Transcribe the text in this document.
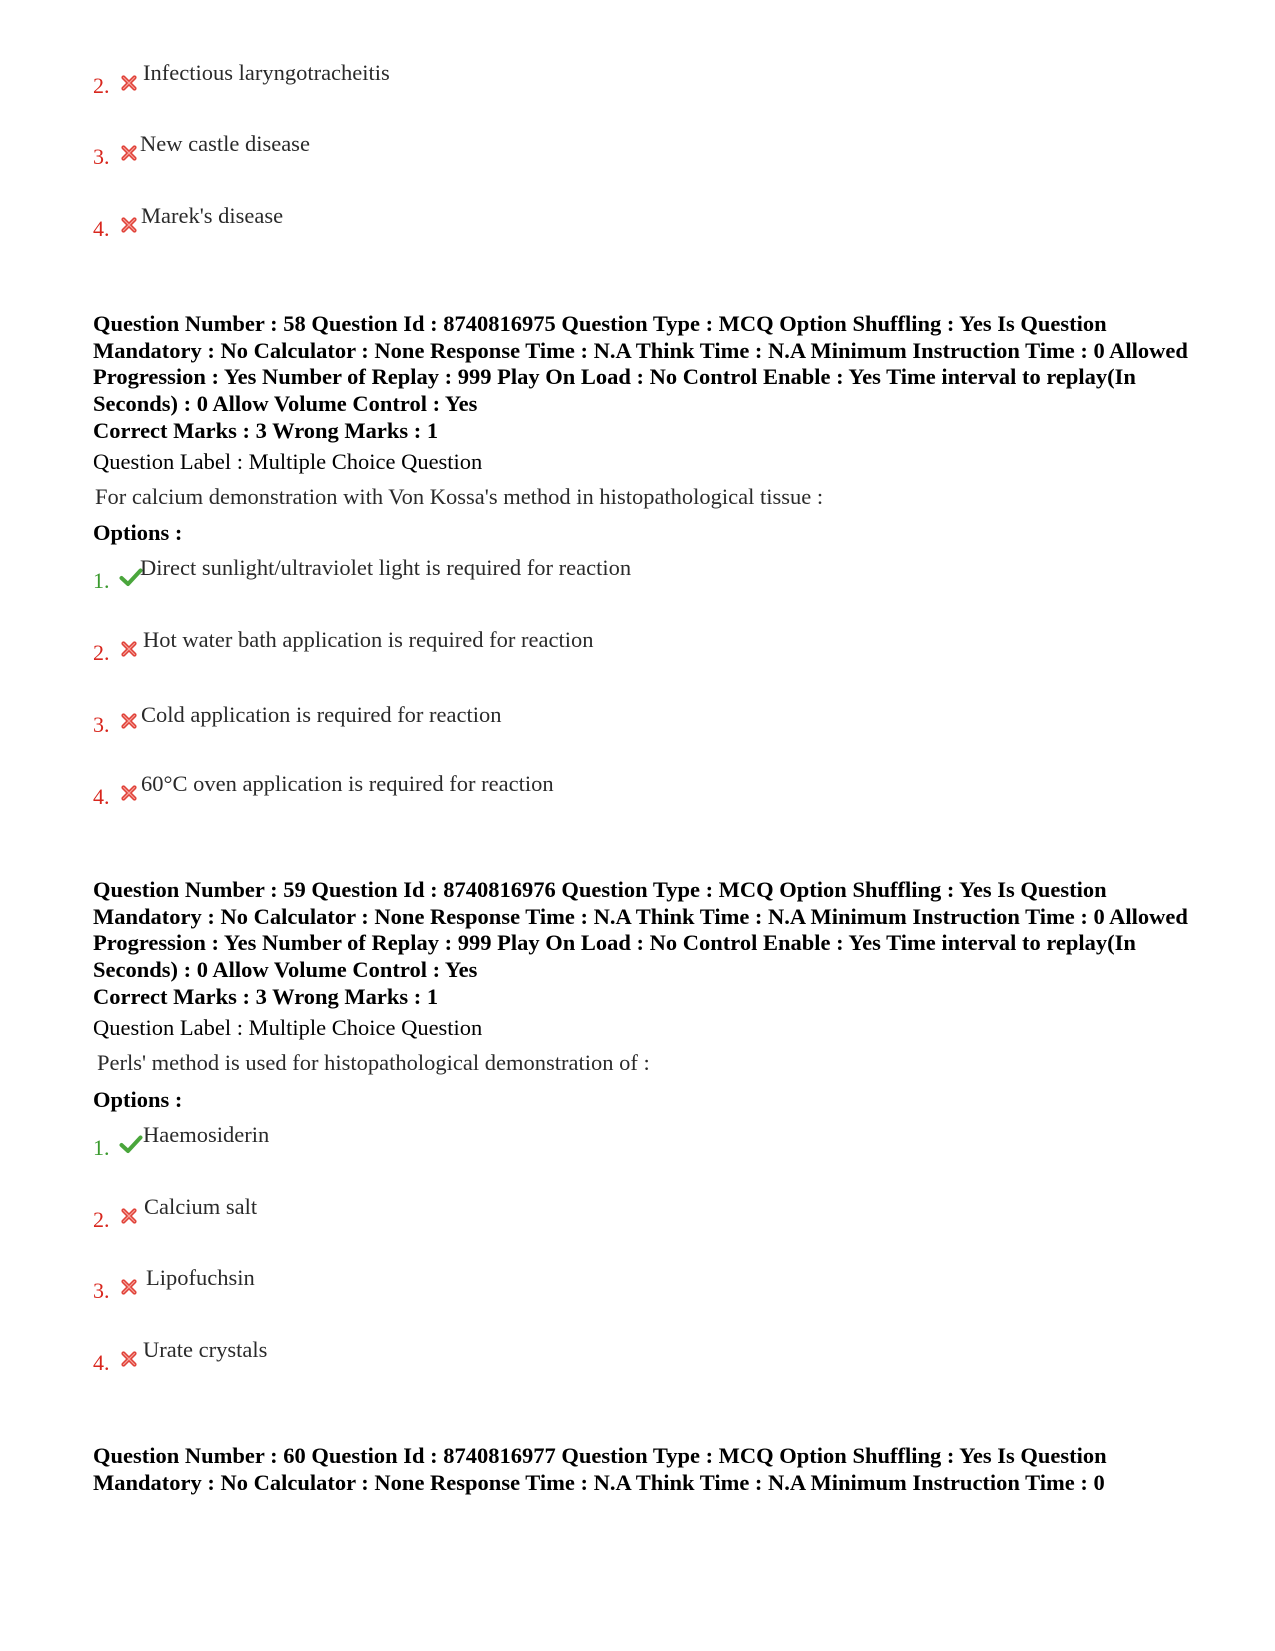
2.
Infectious laryngotracheitis
3.
New castle disease
4.
Marek's disease
Question Number : 58 Question Id : 8740816975 Question Type : MCQ Option Shuffling : Yes Is Question Mandatory : No Calculator : None Response Time : N.A Think Time : N.A Minimum Instruction Time : 0 Allowed Progression : Yes Number of Replay : 999 Play On Load : No Control Enable : Yes Time interval to replay(In Seconds) : 0 Allow Volume Control : Yes
Correct Marks : 3 Wrong Marks : 1
Question Label : Multiple Choice Question
For calcium demonstration with Von Kossa's method in histopathological tissue :
Options :
1.
Direct sunlight/ultraviolet light is required for reaction
2.
Hot water bath application is required for reaction
3. Cold application is required for reaction
4.
60°C oven application is required for reaction
Question Number : 59 Question Id : 8740816976 Question Type : MCQ Option Shuffling : Yes Is Question Mandatory : No Calculator : None Response Time : N.A Think Time : N.A Minimum Instruction Time : 0 Allowed Progression : Yes Number of Replay : 999 Play On Load : No Control Enable : Yes Time interval to replay(In Seconds) : 0 Allow Volume Control : Yes
Correct Marks : 3 Wrong Marks : 1
Question Label : Multiple Choice Question
Perls' method is used for histopathological demonstration of :
Options :
1.
Haemosiderin
2.
Calcium salt
3.
Lipofuchsin
4.
Urate crystals
Question Number : 60 Question Id : 8740816977 Question Type : MCQ Option Shuffling : Yes Is Question Mandatory : No Calculator : None Response Time : N.A Think Time : N.A Minimum Instruction Time : 0
